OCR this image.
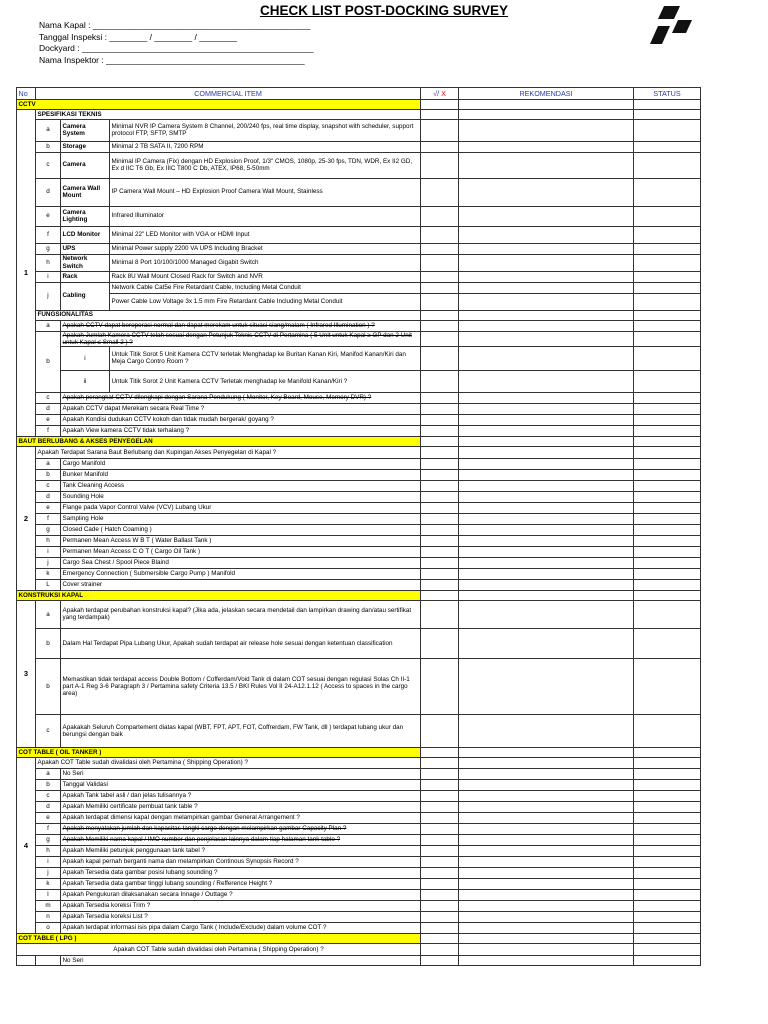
CHECK LIST POST-DOCKING SURVEY
Nama Kapal : ______________________________________________
Tanggal Inspeksi : ________ / ________ / ________
Dockyard : _________________________________________________
Nama Inspektor : __________________________________________
No	COMMERCIAL ITEM			√/ X	REKOMENDASI	STATUS
CCTV						
1	SPESIFIKASI TEKNIS					
	a	Camera System	Minimal NVR IP Camera System 8 Channel, 200/240 fps, real time display, snapshot with scheduler, support protocol FTP, SFTP, SMTP			
	b	Storage	Minimal 2 TB SATA II, 7200 RPM			
	c	Camera	Minimal IP Camera (Fix) dengan HD Explosion Proof, 1/3" CMOS, 1080p, 25-30 fps, TDN, WDR, Ex II2 GD, Ex d IIC T6 Gb, Ex IIIC T800 C Db, ATEX, IP68, 5-50mm			
	d	Camera Wall Mount	IP Camera Wall Mount – HD Explosion Proof Camera Wall Mount, Stainless			
	e	Camera Lighting	Infrared Illuminator			
	f	LCD Monitor	Minimal 22" LED Monitor with VGA or HDMI Input			
	g	UPS	Minimal Power supply 2200 VA UPS Including Bracket			
	h	Network Switch	Minimal 8 Port 10/100/1000 Managed Gigabit Switch			
	i	Rack	Rack 8U Wall Mount Closed Rack for Switch and NVR			
	j	Cabling	Network Cable Cat5e Fire Retardant Cable, Including Metal Conduit			
			Power Cable Low Voltage 3x 1.5 mm Fire Retardant Cable Including Metal Conduit			
	FUNGSIONALITAS					
	a	Apakah CCTV dapat beroperasi normal dan dapat merekam untuk situasi siang/malam ( Infrared Illumination ) ?				
	b	Apakah Jumlah Kamera CCTV telah sesuai dengan Petunjuk Teknis CCTV di Pertamina ( 5 Unit untuk Kapal ≥ GP dan 2 Unit untuk Kapal ≤ Small 2 ) ?				
		i	Untuk Titik Sorot 5 Unit Kamera CCTV terletak Menghadap ke Buritan Kanan Kiri, Manifod Kanan/Kiri dan Meja Cargo Contro Room ?			
		ii	Untuk Titik Sorot 2 Unit Kamera CCTV Terletak menghadap ke Manifold Kanan/Kiri ?			
	c	Apakah perangkat CCTV dilengkapi dengan Sarana Pendukung ( Monitor, Key Board, Mouse, Memory DVR) ?				
	d	Apakah CCTV dapat Merekam secara Real Time ?				
	e	Apakah Kondisi dudukan CCTV kokoh dan tidak mudah bergerak/ goyang ?				
	f	Apakah View kamera CCTV tidak terhalang ?				
BAUT BERLUBANG & AKSES PENYEGELAN						
2	Apakah Terdapat Sarana Baut Berlubang dan Kupingan Akses Penyegelan di Kapal ?					
	a	Cargo Manifold				
	b	Bunker Manifold				
	c	Tank Cleaning Access				
	d	Sounding Hole				
	e	Flange pada Vapor Control Valve (VCV) Lubang Ukur				
	f	Sampling Hole				
	g	Closed Cade ( Hatch Coaming )				
	h	Permanen Mean Access W B T ( Water Ballast Tank )				
	i	Permanen Mean Access C O T ( Cargo Oil Tank )				
	j	Cargo Sea Chest / Spool Piece Blaind				
	k	Emergency Connection ( Submersible Cargo Pump ) Manifold				
	L	Cover strainer				
KONSTRUKSI KAPAL						
3	a	Apakah terdapat perubahan konstruksi kapal? (Jika ada, jelaskan secara mendetail dan lampirkan drawing dan/atau sertifikat yang terdampak)				
	b	Dalam Hal Terdapat Pipa Lubang Ukur, Apakah sudah terdapat air release hole sesuai dengan ketentuan classification				
	b	Memastikan tidak terdapat access Double Bottom / Cofferdam/Void Tank di dalam COT sesuai dengan regulasi Solas Ch II-1 part A-1 Reg 3-6 Paragraph 3 / Pertamina safety Criteria 13.5 / BKI Rules Vol II 24-A12.1.12 ( Access to spaces in the cargo area)				
	c	Apakakah Seluruh Compartement diatas kapal (WBT, FPT, APT, FOT, Coffrerdam, FW Tank, dll ) terdapat lubang ukur dan berungsi dengan baik				
COT TABLE ( OIL TANKER )						
4	Apakah COT Table sudah divalidasi oleh Pertamina ( Shipping Operation) ?					
	a	No Seri				
	b	Tanggal Validasi				
	c	Apakah Tank tabel asli / dan jelas tulisannya ?				
	d	Apakah Memiliki certificate pembuat tank table ?				
	e	Apakah terdapat dimensi kapal dengan melampirkan gambar General Arrangement ?				
	f	Apakah menyatakan jumlah dan kapasitas tangki cargo dengan melampirkan gambar Capacity Plan ?				
	g	Apakah Memiliki nama kapal / IMO number dan penjelasan lainnya dalam tiap halaman tank table ?				
	h	Apakah Memiliki petunjuk penggunaan tank tabel ?				
	i	Apakah kapal pernah berganti nama dan melampirkan Continous Synopsis Record ?				
	j	Apakah Tersedia data gambar posisi lubang sounding ?				
	k	Apakah Tersedia data gambar tinggi lubang sounding / Refference Height ?				
	l	Apakah Pengukuran dilaksanakan secara Innage / Outtage ?				
	m	Apakah Tersedia koreksi Trim ?				
	n	Apakah Tersedia koreksi List ?				
	o	Apakah terdapat informasi isis pipa dalam Cargo Tank ( Include/Exclude) dalam volume COT ?				
COT TABLE ( LPG )						
Apakah COT Table sudah divalidasi oleh Pertamina ( Shipping Operation) ?						
		No Seri				
